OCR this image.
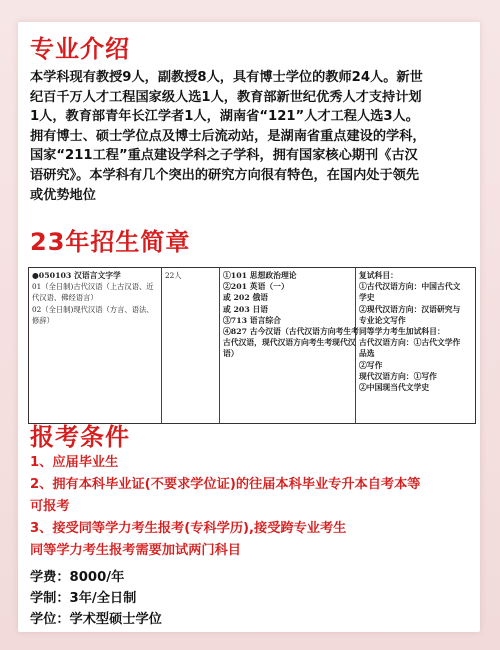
专业介绍
本学科现有教授9人，副教授8人，具有博士学位的教师24人。新世
纪百千万人才工程国家级人选1人，教育部新世纪优秀人才支持计划
1人，教育部青年长江学者1人，湖南省“121”人才工程人选3人。
拥有博士、硕士学位点及博士后流动站，是湖南省重点建设的学科，
国家“211工程”重点建设学科之子学科，拥有国家核心期刊《古汉
语研究》。本学科有几个突出的研究方向很有特色，在国内处于领先
或优势地位
23年招生简章
●050103 汉语言文字学
01（全日制)古代汉语（上古汉语、近
代汉语、佛经语言）
02（全日制)现代汉语（方言、语法、
修辞）
22人	①101 思想政治理论
②201 英语（一）
或 202 俄语
或 203 日语
③713 语言综合
④827 古今汉语（古代汉语方向考生考
古代汉语，现代汉语方向考生考现代汉
语）
复试科目：
①古代汉语方向：中国古代文
学史
②现代汉语方向：汉语研究与
专业论文写作
同等学力考生加试科目：
古代汉语方向：①古代文学作
品选
②写作
现代汉语方向：①写作
②中国现当代文学史
报考条件
1、应届毕业生
2、拥有本科毕业证(不要求学位证)的往届本科毕业专升本自考本等
可报考
3、接受同等学力考生报考(专科学历),接受跨专业考生
同等学力考生报考需要加试两门科目
学费：8000/年
学制：3年/全日制
学位：学术型硕士学位
